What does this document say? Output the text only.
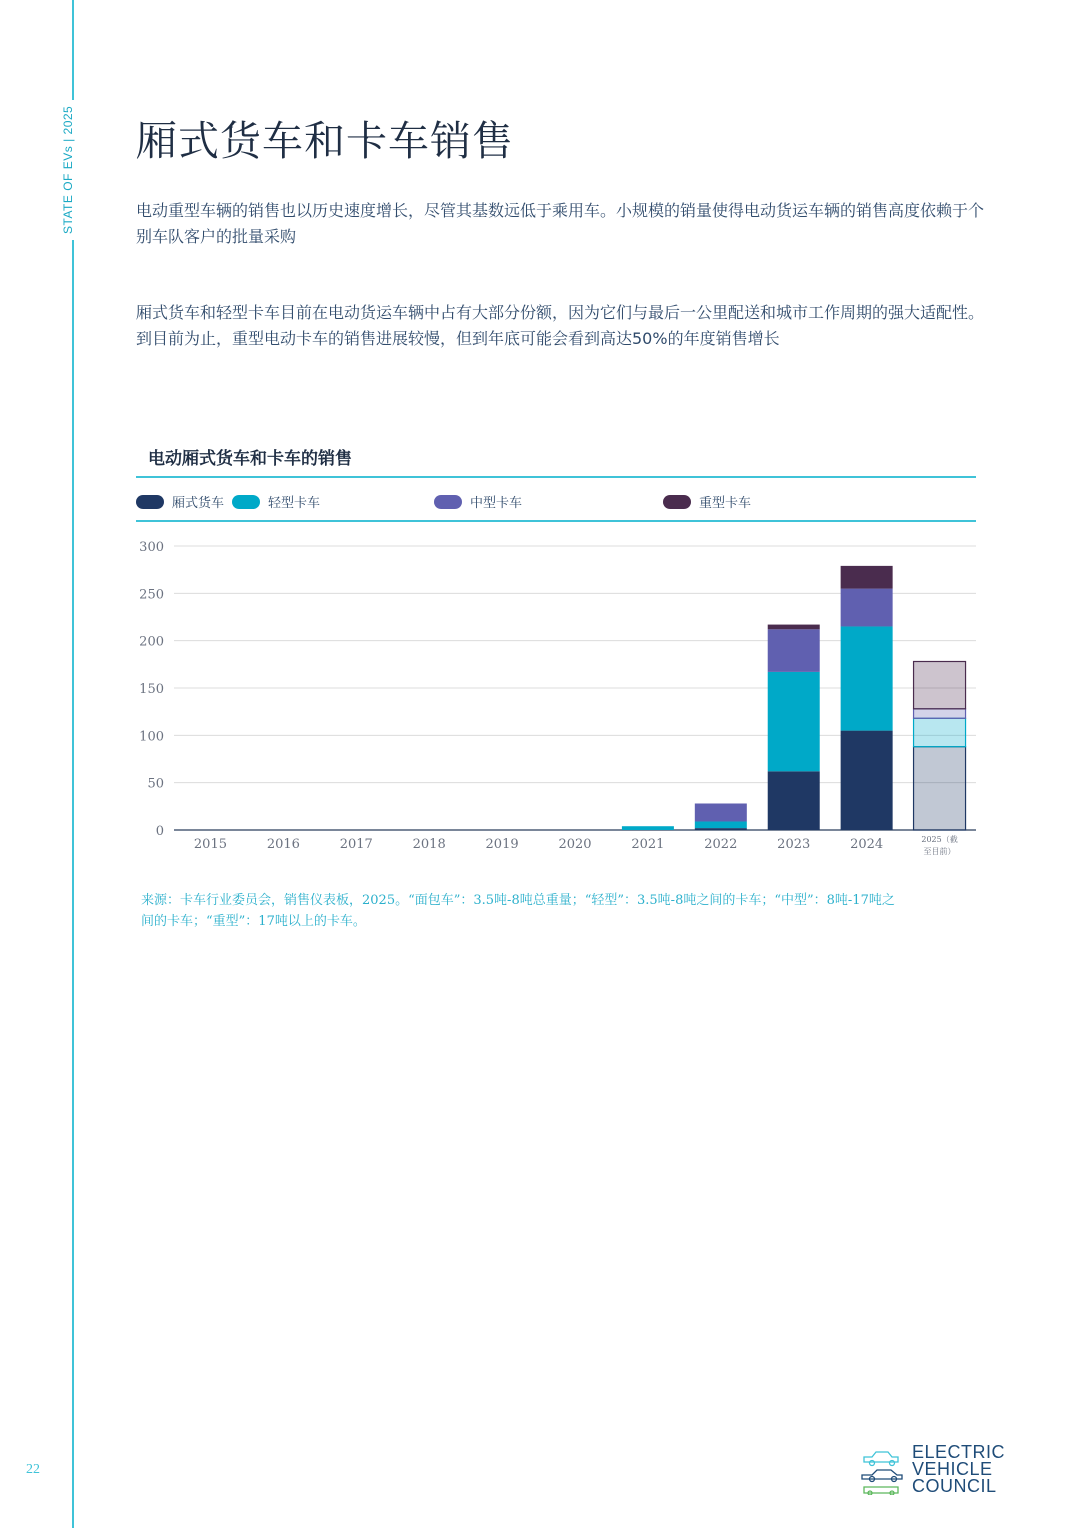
STATE OF EVs | 2025 厢式货车和卡车销售
电动重型车辆的销售也以历史速度增长，尽管其基数远低于乘用车。小规模的销量使得电动货运车辆的销售高度依赖于个别车队客户的批量采购
厢式货车和轻型卡车目前在电动货运车辆中占有大部分份额，因为它们与最后一公里配送和城市工作周期的强大适配性。到目前为止，重型电动卡车的销售进展较慢，但到年底可能会看到高达50%的年度销售增长
电动厢式货车和卡车的销售
厢式货车	轻型卡车	中型卡车	重型卡车
0
50
100
150
200
250
300
2015	2016	2017	2018	2019	2020	2021	2022	2023	2024	2025（截至目前）
来源：卡车行业委员会，销售仪表板，2025。“面包车”：3.5吨-8吨总重量；“轻型”：3.5吨-8吨之间的卡车；“中型”：8吨-17吨之间的卡车；“重型”：17吨以上的卡车。
22
ELECTRIC
VEHICLE
COUNCIL
